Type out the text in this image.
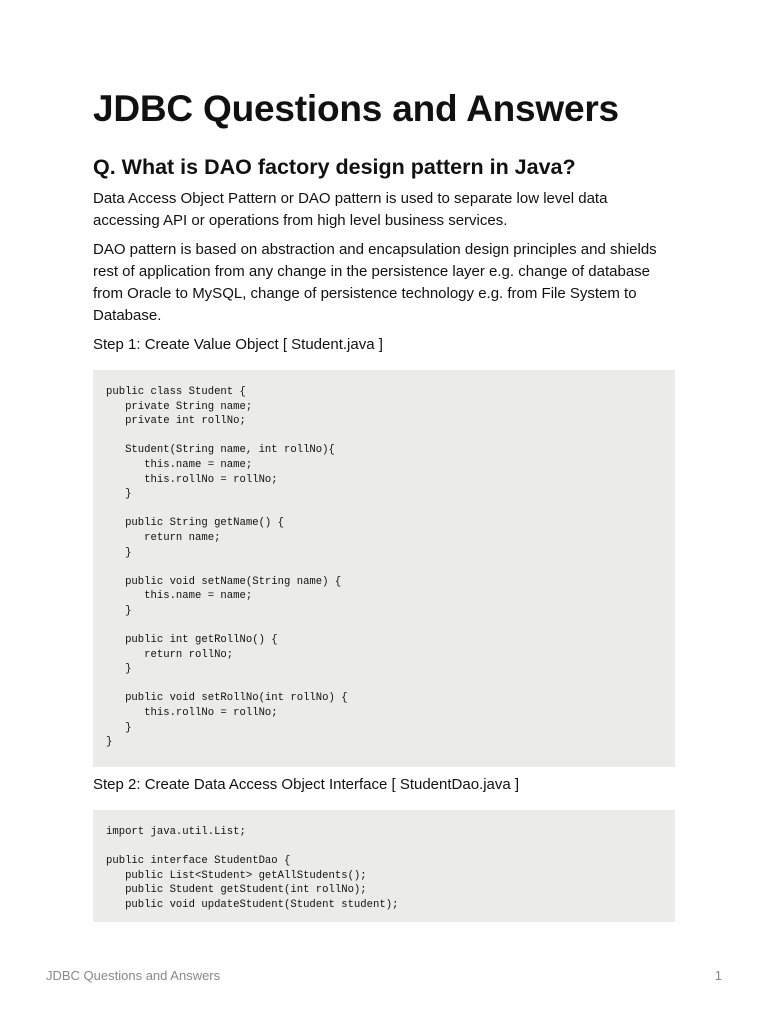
JDBC Questions and Answers
Q. What is DAO factory design pattern in Java?

Data Access Object Pattern or DAO pattern is used to separate low level data accessing API or operations from high level business services.

DAO pattern is based on abstraction and encapsulation design principles and shields rest of application from any change in the persistence layer e.g. change of database from Oracle to MySQL, change of persistence technology e.g. from File System to Database.

Step 1: Create Value Object [ Student.java ]

public class Student {
private String name;
private int rollNo;

Student(String name, int rollNo){
this.name = name;
this.rollNo = rollNo;
}

public String getName() {
return name;
}

public void setName(String name) {
this.name = name;
}

public int getRollNo() {
return rollNo;
}

public void setRollNo(int rollNo) {
this.rollNo = rollNo;
}
}

Step 2: Create Data Access Object Interface [ StudentDao.java ]

import java.util.List;

public interface StudentDao {
public List<Student> getAllStudents();
public Student getStudent(int rollNo);
public void updateStudent(Student student);
JDBC Questions and Answers	1
